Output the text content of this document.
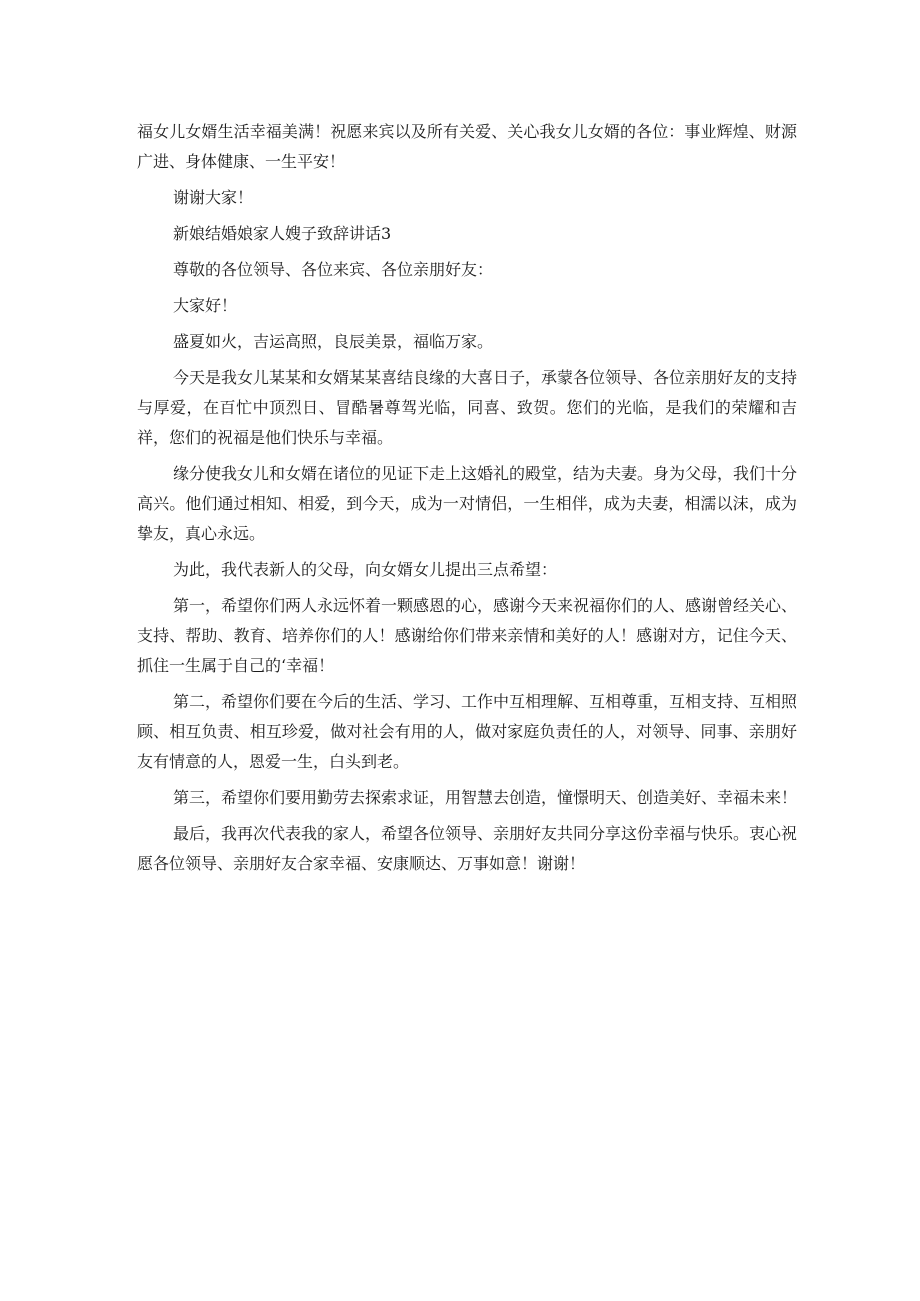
福女儿女婿生活幸福美满！祝愿来宾以及所有关爱、关心我女儿女婿的各位：事业辉煌、财源广进、身体健康、一生平安！

谢谢大家！

新娘结婚娘家人嫂子致辞讲话3

尊敬的各位领导、各位来宾、各位亲朋好友：

大家好！

盛夏如火，吉运高照，良辰美景，福临万家。

今天是我女儿某某和女婿某某喜结良缘的大喜日子，承蒙各位领导、各位亲朋好友的支持与厚爱，在百忙中顶烈日、冒酷暑尊驾光临，同喜、致贺。您们的光临，是我们的荣耀和吉祥，您们的祝福是他们快乐与幸福。

缘分使我女儿和女婿在诸位的见证下走上这婚礼的殿堂，结为夫妻。身为父母，我们十分高兴。他们通过相知、相爱，到今天，成为一对情侣，一生相伴，成为夫妻，相濡以沫，成为挚友，真心永远。

为此，我代表新人的父母，向女婿女儿提出三点希望：

第一，希望你们两人永远怀着一颗感恩的心，感谢今天来祝福你们的人、感谢曾经关心、支持、帮助、教育、培养你们的人！感谢给你们带来亲情和美好的人！感谢对方，记住今天、抓住一生属于自己的‘幸福！

第二，希望你们要在今后的生活、学习、工作中互相理解、互相尊重，互相支持、互相照顾、相互负责、相互珍爱，做对社会有用的人，做对家庭负责任的人，对领导、同事、亲朋好友有情意的人，恩爱一生，白头到老。

第三，希望你们要用勤劳去探索求证，用智慧去创造，憧憬明天、创造美好、幸福未来！

最后，我再次代表我的家人，希望各位领导、亲朋好友共同分享这份幸福与快乐。衷心祝愿各位领导、亲朋好友合家幸福、安康顺达、万事如意！谢谢！
